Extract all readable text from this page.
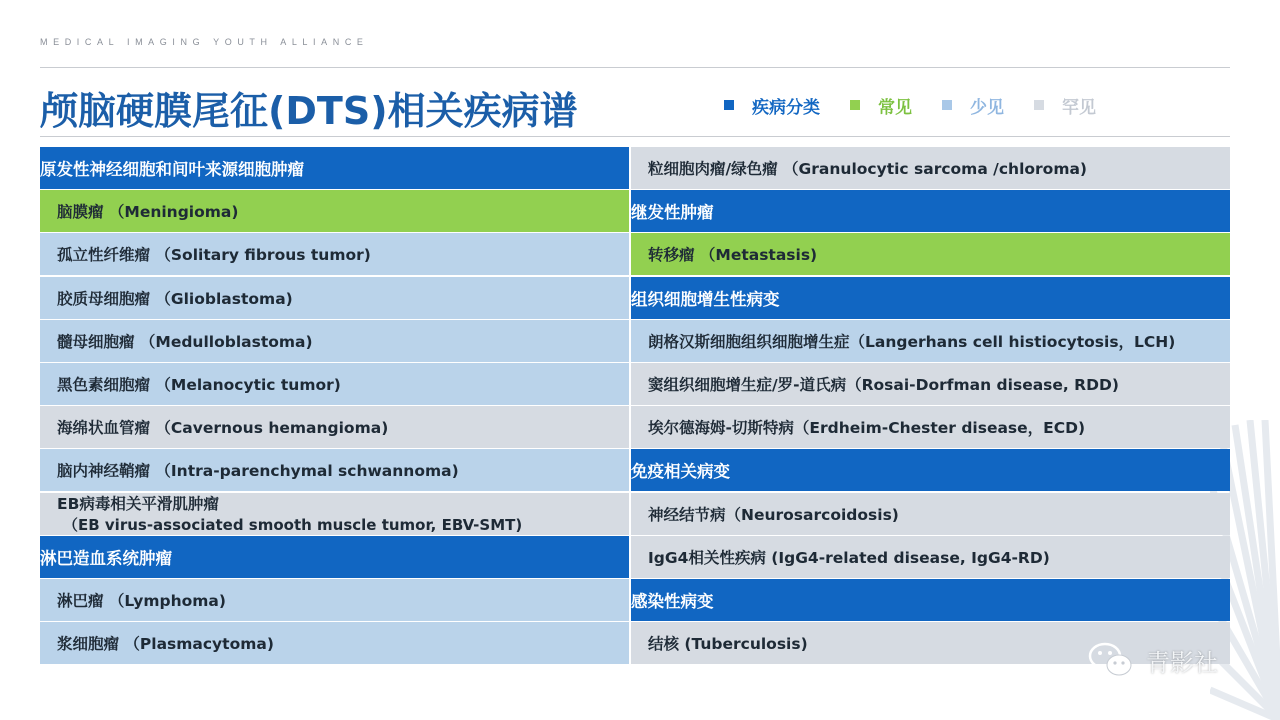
MEDICAL IMAGING YOUTH ALLIANCE
颅脑硬膜尾征(DTS)相关疾病谱	疾病分类	常见	少见	罕见
原发性神经细胞和间叶来源细胞肿瘤
脑膜瘤 （Meningioma)
孤立性纤维瘤 （Solitary fibrous tumor)
胶质母细胞瘤 （Glioblastoma)
髓母细胞瘤 （Medulloblastoma)
黑色素细胞瘤 （Melanocytic tumor)
海绵状血管瘤 （Cavernous hemangioma)
脑内神经鞘瘤 （Intra-parenchymal schwannoma)
EB病毒相关平滑肌肿瘤
（EB virus-associated smooth muscle tumor, EBV-SMT)
淋巴造血系统肿瘤
淋巴瘤 （Lymphoma)
浆细胞瘤 （Plasmacytoma)
粒细胞肉瘤/绿色瘤 （Granulocytic sarcoma /chloroma)
继发性肿瘤
转移瘤 （Metastasis)
组织细胞增生性病变
朗格汉斯细胞组织细胞增生症（Langerhans cell histiocytosis，LCH)
窦组织细胞增生症/罗-道氏病（Rosai-Dorfman disease, RDD)
埃尔德海姆-切斯特病（Erdheim-Chester disease，ECD)
免疫相关病变
神经结节病（Neurosarcoidosis)
IgG4相关性疾病 (IgG4-related disease, IgG4-RD)
感染性病变
结核 (Tuberculosis)
青影社
